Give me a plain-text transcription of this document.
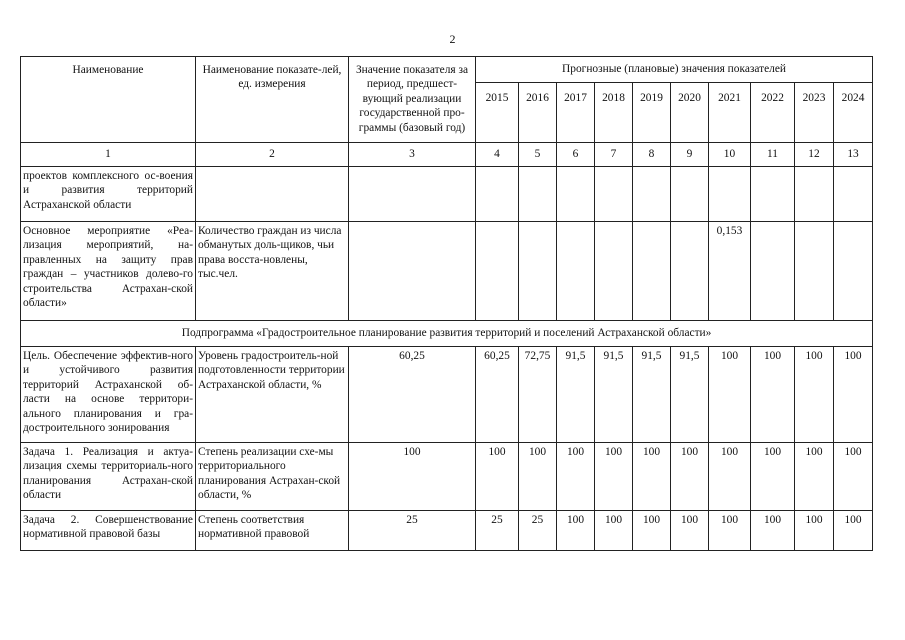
2
Наименование	Наименование показате-лей, ед. измерения	Значение показателя за период, предшест-вующий реализации государственной про-граммы (базовый год)	Прогнозные (плановые) значения показателей									
			2015	2016	2017	2018	2019	2020	2021	2022	2023	2024
1	2	3	4	5	6	7	8	9	10	11	12	13
проектов комплексного ос-воения и развития территорий Астраханской области												
Основное мероприятие «Реа-лизация мероприятий, на-правленных на защиту прав граждан – участников долево-го строительства Астрахан-ской области»	Количество граждан из числа обманутых доль-щиков, чьи права восста-новлены, тыс.чел.								0,153			
Подпрограмма «Градостроительное планирование развития территорий и поселений Астраханской области»												
Цель. Обеспечение эффектив-ного и устойчивого развития территорий Астраханской об-ласти на основе территори-ального планирования и гра-достроительного зонирования	Уровень градостроитель-ной подготовленности территории Астраханской области, %	60,25	60,25	72,75	91,5	91,5	91,5	91,5	100	100	100	100
Задача 1. Реализация и актуа-лизация схемы территориаль-ного планирования Астрахан-ской области	Степень реализации схе-мы территориального планирования Астрахан-ской области, %	100	100	100	100	100	100	100	100	100	100	100
Задача 2. Совершенствование нормативной правовой базы	Степень соответствия нормативной правовой	25	25	25	100	100	100	100	100	100	100	100
